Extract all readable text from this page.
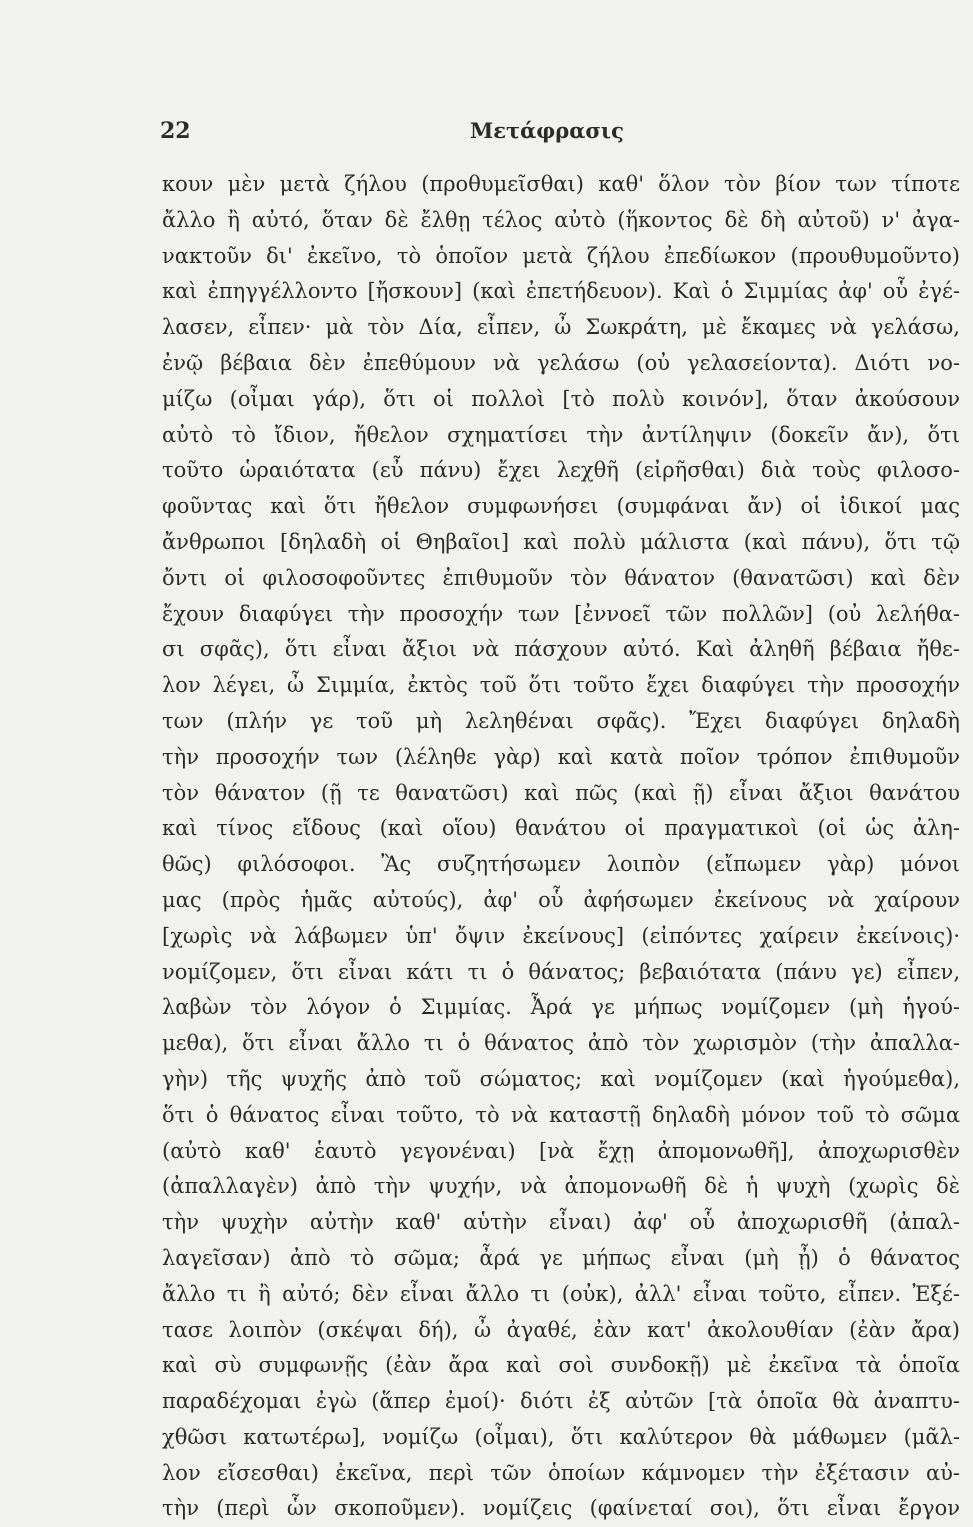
22	Μετάφρασις
κουν μὲν μετὰ ζήλου (προθυμεῖσθαι) καθ' ὅλον τὸν βίον των τίποτε
ἄλλο ἢ αὐτό, ὅταν δὲ ἔλθῃ τέλος αὐτὸ (ἥκοντος δὲ δὴ αὐτοῦ) ν' ἀγα-
νακτοῦν δι' ἐκεῖνο, τὸ ὁποῖον μετὰ ζήλου ἐπεδίωκον (προυθυμοῦντο)
καὶ ἐπηγγέλλοντο [ἤσκουν] (καὶ ἐπετήδευον). Καὶ ὁ Σιμμίας ἀφ' οὗ ἐγέ-
λασεν, εἶπεν· μὰ τὸν Δία, εἶπεν, ὦ Σωκράτη, μὲ ἔκαμες νὰ γελάσω,
ἐνῷ βέβαια δὲν ἐπεθύμουν νὰ γελάσω (οὐ γελασείοντα). Διότι νο-
μίζω (οἶμαι γάρ), ὅτι οἱ πολλοὶ [τὸ πολὺ κοινόν], ὅταν ἀκούσουν
αὐτὸ τὸ ἴδιον, ἤθελον σχηματίσει τὴν ἀντίληψιν (δοκεῖν ἄν), ὅτι
τοῦτο ὡραιότατα (εὖ πάνυ) ἔχει λεχθῆ (εἰρῆσθαι) διὰ τοὺς φιλοσο-
φοῦντας καὶ ὅτι ἤθελον συμφωνήσει (συμφάναι ἄν) οἱ ἰδικοί μας
ἄνθρωποι [δηλαδὴ οἱ Θηβαῖοι] καὶ πολὺ μάλιστα (καὶ πάνυ), ὅτι τῷ
ὄντι οἱ φιλοσοφοῦντες ἐπιθυμοῦν τὸν θάνατον (θανατῶσι) καὶ δὲν
ἔχουν διαφύγει τὴν προσοχήν των [ἐννοεῖ τῶν πολλῶν] (οὐ λελήθα-
σι σφᾶς), ὅτι εἶναι ἄξιοι νὰ πάσχουν αὐτό. Καὶ ἀληθῆ βέβαια ἤθε-
λον λέγει, ὦ Σιμμία, ἐκτὸς τοῦ ὅτι τοῦτο ἔχει διαφύγει τὴν προσοχήν
των (πλήν γε τοῦ μὴ λεληθέναι σφᾶς). Ἔχει διαφύγει δηλαδὴ
τὴν προσοχήν των (λέληθε γὰρ) καὶ κατὰ ποῖον τρόπον ἐπιθυμοῦν
τὸν θάνατον (ῇ τε θανατῶσι) καὶ πῶς (καὶ ῇ) εἶναι ἄξιοι θανάτου
καὶ τίνος εἴδους (καὶ οἵου) θανάτου οἱ πραγματικοὶ (οἱ ὡς ἀλη-
θῶς) φιλόσοφοι. Ἂς συζητήσωμεν λοιπὸν (εἴπωμεν γὰρ) μόνοι
μας (πρὸς ἡμᾶς αὐτούς), ἀφ' οὗ ἀφήσωμεν ἐκείνους νὰ χαίρουν
[χωρὶς νὰ λάβωμεν ὑπ' ὄψιν ἐκείνους] (εἰπόντες χαίρειν ἐκείνοις)·
νομίζομεν, ὅτι εἶναι κάτι τι ὁ θάνατος; βεβαιότατα (πάνυ γε) εἶπεν,
λαβὼν τὸν λόγον ὁ Σιμμίας. Ἆρά γε μήπως νομίζομεν (μὴ ἡγού-
μεθα), ὅτι εἶναι ἄλλο τι ὁ θάνατος ἀπὸ τὸν χωρισμὸν (τὴν ἀπαλλα-
γὴν) τῆς ψυχῆς ἀπὸ τοῦ σώματος; καὶ νομίζομεν (καὶ ἡγούμεθα),
ὅτι ὁ θάνατος εἶναι τοῦτο, τὸ νὰ καταστῇ δηλαδὴ μόνον τοῦ τὸ σῶμα
(αὐτὸ καθ' ἑαυτὸ γεγονέναι) [νὰ ἔχῃ ἀπομονωθῆ], ἀποχωρισθὲν
(ἀπαλλαγὲν) ἀπὸ τὴν ψυχήν, νὰ ἀπομονωθῆ δὲ ἡ ψυχὴ (χωρὶς δὲ
τὴν ψυχὴν αὐτὴν καθ' αὑτὴν εἶναι) ἀφ' οὗ ἀποχωρισθῆ (ἀπαλ-
λαγεῖσαν) ἀπὸ τὸ σῶμα; ἆρά γε μήπως εἶναι (μὴ ᾖ) ὁ θάνατος
ἄλλο τι ἢ αὐτό; δὲν εἶναι ἄλλο τι (οὐκ), ἀλλ' εἶναι τοῦτο, εἶπεν. Ἐξέ-
τασε λοιπὸν (σκέψαι δή), ὦ ἀγαθέ, ἐὰν κατ' ἀκολουθίαν (ἐὰν ἄρα)
καὶ σὺ συμφωνῇς (ἐὰν ἄρα καὶ σοὶ συνδοκῇ) μὲ ἐκεῖνα τὰ ὁποῖα
παραδέχομαι ἐγὼ (ἅπερ ἐμοί)· διότι ἐξ αὐτῶν [τὰ ὁποῖα θὰ ἀναπτυ-
χθῶσι κατωτέρω], νομίζω (οἶμαι), ὅτι καλύτερον θὰ μάθωμεν (μᾶλ-
λον εἴσεσθαι) ἐκεῖνα, περὶ τῶν ὁποίων κάμνομεν τὴν ἐξέτασιν αὐ-
τὴν (περὶ ὧν σκοποῦμεν). νομίζεις (φαίνεταί σοι), ὅτι εἶναι ἔργον
